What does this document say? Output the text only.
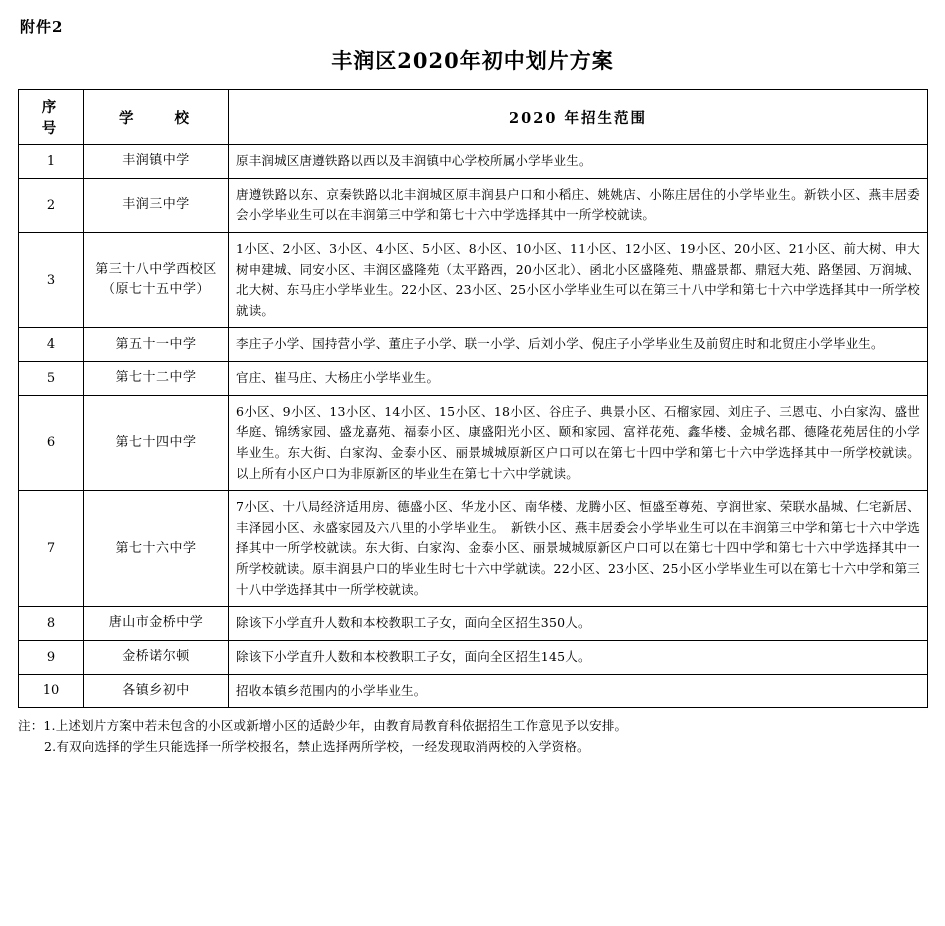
附件2
丰润区2020年初中划片方案
序　号	学　　校	2020 年招生范围
1	丰润镇中学	原丰润城区唐遵铁路以西以及丰润镇中心学校所属小学毕业生。
2	丰润三中学	唐遵铁路以东、京秦铁路以北丰润城区原丰润县户口和小稻庄、姚姚店、小陈庄居住的小学毕业生。新铁小区、燕丰居委会小学毕业生可以在丰润第三中学和第七十六中学选择其中一所学校就读。
3	第三十八中学西校区（原七十五中学）	1小区、2小区、3小区、4小区、5小区、8小区、10小区、11小区、12小区、19小区、20小区、21小区、前大树、申大树申建城、同安小区、丰润区盛隆苑（太平路西，20小区北）、函北小区盛隆苑、鼎盛景都、鼎冠大苑、路堡园、万润城、北大树、东马庄小学毕业生。22小区、23小区、25小区小学毕业生可以在第三十八中学和第七十六中学选择其中一所学校就读。
4	第五十一中学	李庄子小学、国持营小学、董庄子小学、联一小学、后刘小学、倪庄子小学毕业生及前贸庄时和北贸庄小学毕业生。
5	第七十二中学	官庄、崔马庄、大杨庄小学毕业生。
6	第七十四中学	6小区、9小区、13小区、14小区、15小区、18小区、谷庄子、典景小区、石榴家园、刘庄子、三恩屯、小白家沟、盛世华庭、锦绣家园、盛龙嘉苑、福泰小区、康盛阳光小区、颐和家园、富祥花苑、鑫华楼、金城名郡、德隆花苑居住的小学毕业生。东大街、白家沟、金泰小区、丽景城城原新区户口可以在第七十四中学和第七十六中学选择其中一所学校就读。以上所有小区户口为非原新区的毕业生在第七十六中学就读。
7	第七十六中学	7小区、十八局经济适用房、德盛小区、华龙小区、南华楼、龙腾小区、恒盛至尊苑、亨润世家、荣联水晶城、仁宅新居、丰泽园小区、永盛家园及六八里的小学毕业生。　新铁小区、燕丰居委会小学毕业生可以在丰润第三中学和第七十六中学选择其中一所学校就读。东大街、白家沟、金泰小区、丽景城城原新区户口可以在第七十四中学和第七十六中学选择其中一所学校就读。原丰润县户口的毕业生时七十六中学就读。22小区、23小区、25小区小学毕业生可以在第七十六中学和第三十八中学选择其中一所学校就读。
8	唐山市金桥中学	除该下小学直升人数和本校教职工子女，面向全区招生350人。
9	金桥诺尔顿	除该下小学直升人数和本校教职工子女，面向全区招生145人。
10	各镇乡初中	招收本镇乡范围内的小学毕业生。
注：1.上述划片方案中若未包含的小区或新增小区的适龄少年，由教育局教育科依据招生工作意见予以安排。
2.有双向选择的学生只能选择一所学校报名，禁止选择两所学校，一经发现取消两校的入学资格。
